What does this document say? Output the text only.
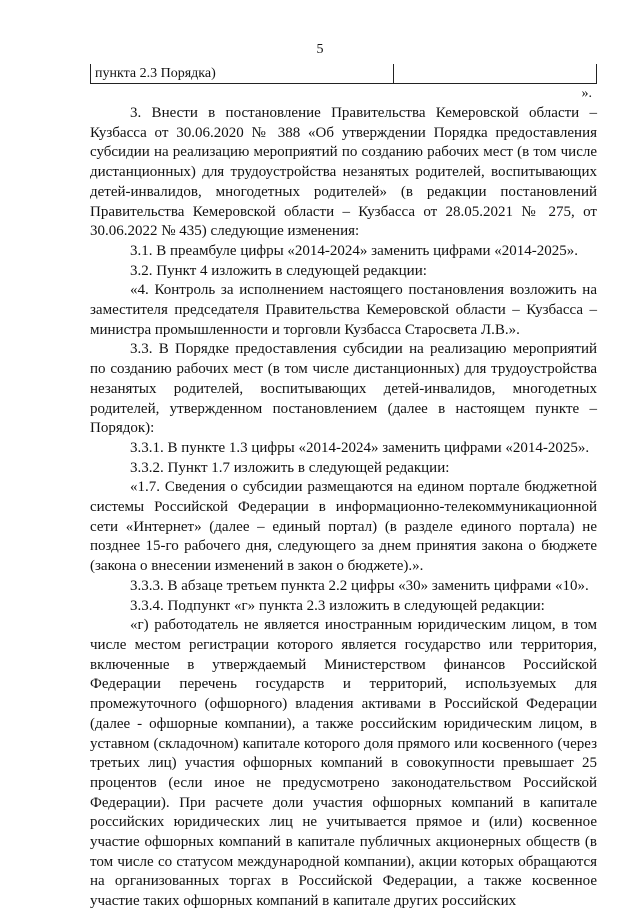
5
пункта 2.3 Порядка)
».

3. Внести в постановление Правительства Кемеровской области – Кузбасса от 30.06.2020 № 388 «Об утверждении Порядка предоставления субсидии на реализацию мероприятий по созданию рабочих мест (в том числе дистанционных) для трудоустройства незанятых родителей, воспитывающих детей-инвалидов, многодетных родителей» (в редакции постановлений Правительства Кемеровской области – Кузбасса от 28.05.2021 № 275, от 30.06.2022 № 435) следующие изменения:

3.1. В преамбуле цифры «2014-2024» заменить цифрами «2014-2025».

3.2. Пункт 4 изложить в следующей редакции:

«4. Контроль за исполнением настоящего постановления возложить на заместителя председателя Правительства Кемеровской области – Кузбасса – министра промышленности и торговли Кузбасса Старосвета Л.В.».

3.3. В Порядке предоставления субсидии на реализацию мероприятий по созданию рабочих мест (в том числе дистанционных) для трудоустройства незанятых родителей, воспитывающих детей-инвалидов, многодетных родителей, утвержденном постановлением (далее в настоящем пункте – Порядок):

3.3.1. В пункте 1.3 цифры «2014-2024» заменить цифрами «2014-2025».

3.3.2. Пункт 1.7 изложить в следующей редакции:

«1.7. Сведения о субсидии размещаются на едином портале бюджетной системы Российской Федерации в информационно-телекоммуникационной сети «Интернет» (далее – единый портал) (в разделе единого портала) не позднее 15-го рабочего дня, следующего за днем принятия закона о бюджете (закона о внесении изменений в закон о бюджете).».

3.3.3. В абзаце третьем пункта 2.2 цифры «30» заменить цифрами «10».

3.3.4. Подпункт «г» пункта 2.3 изложить в следующей редакции:

«г) работодатель не является иностранным юридическим лицом, в том числе местом регистрации которого является государство или территория, включенные в утверждаемый Министерством финансов Российской Федерации перечень государств и территорий, используемых для промежуточного (офшорного) владения активами в Российской Федерации (далее - офшорные компании), а также российским юридическим лицом, в уставном (складочном) капитале которого доля прямого или косвенного (через третьих лиц) участия офшорных компаний в совокупности превышает 25 процентов (если иное не предусмотрено законодательством Российской Федерации). При расчете доли участия офшорных компаний в капитале российских юридических лиц не учитывается прямое и (или) косвенное участие офшорных компаний в капитале публичных акционерных обществ (в том числе со статусом международной компании), акции которых обращаются на организованных торгах в Российской Федерации, а также косвенное участие таких офшорных компаний в капитале других российских
